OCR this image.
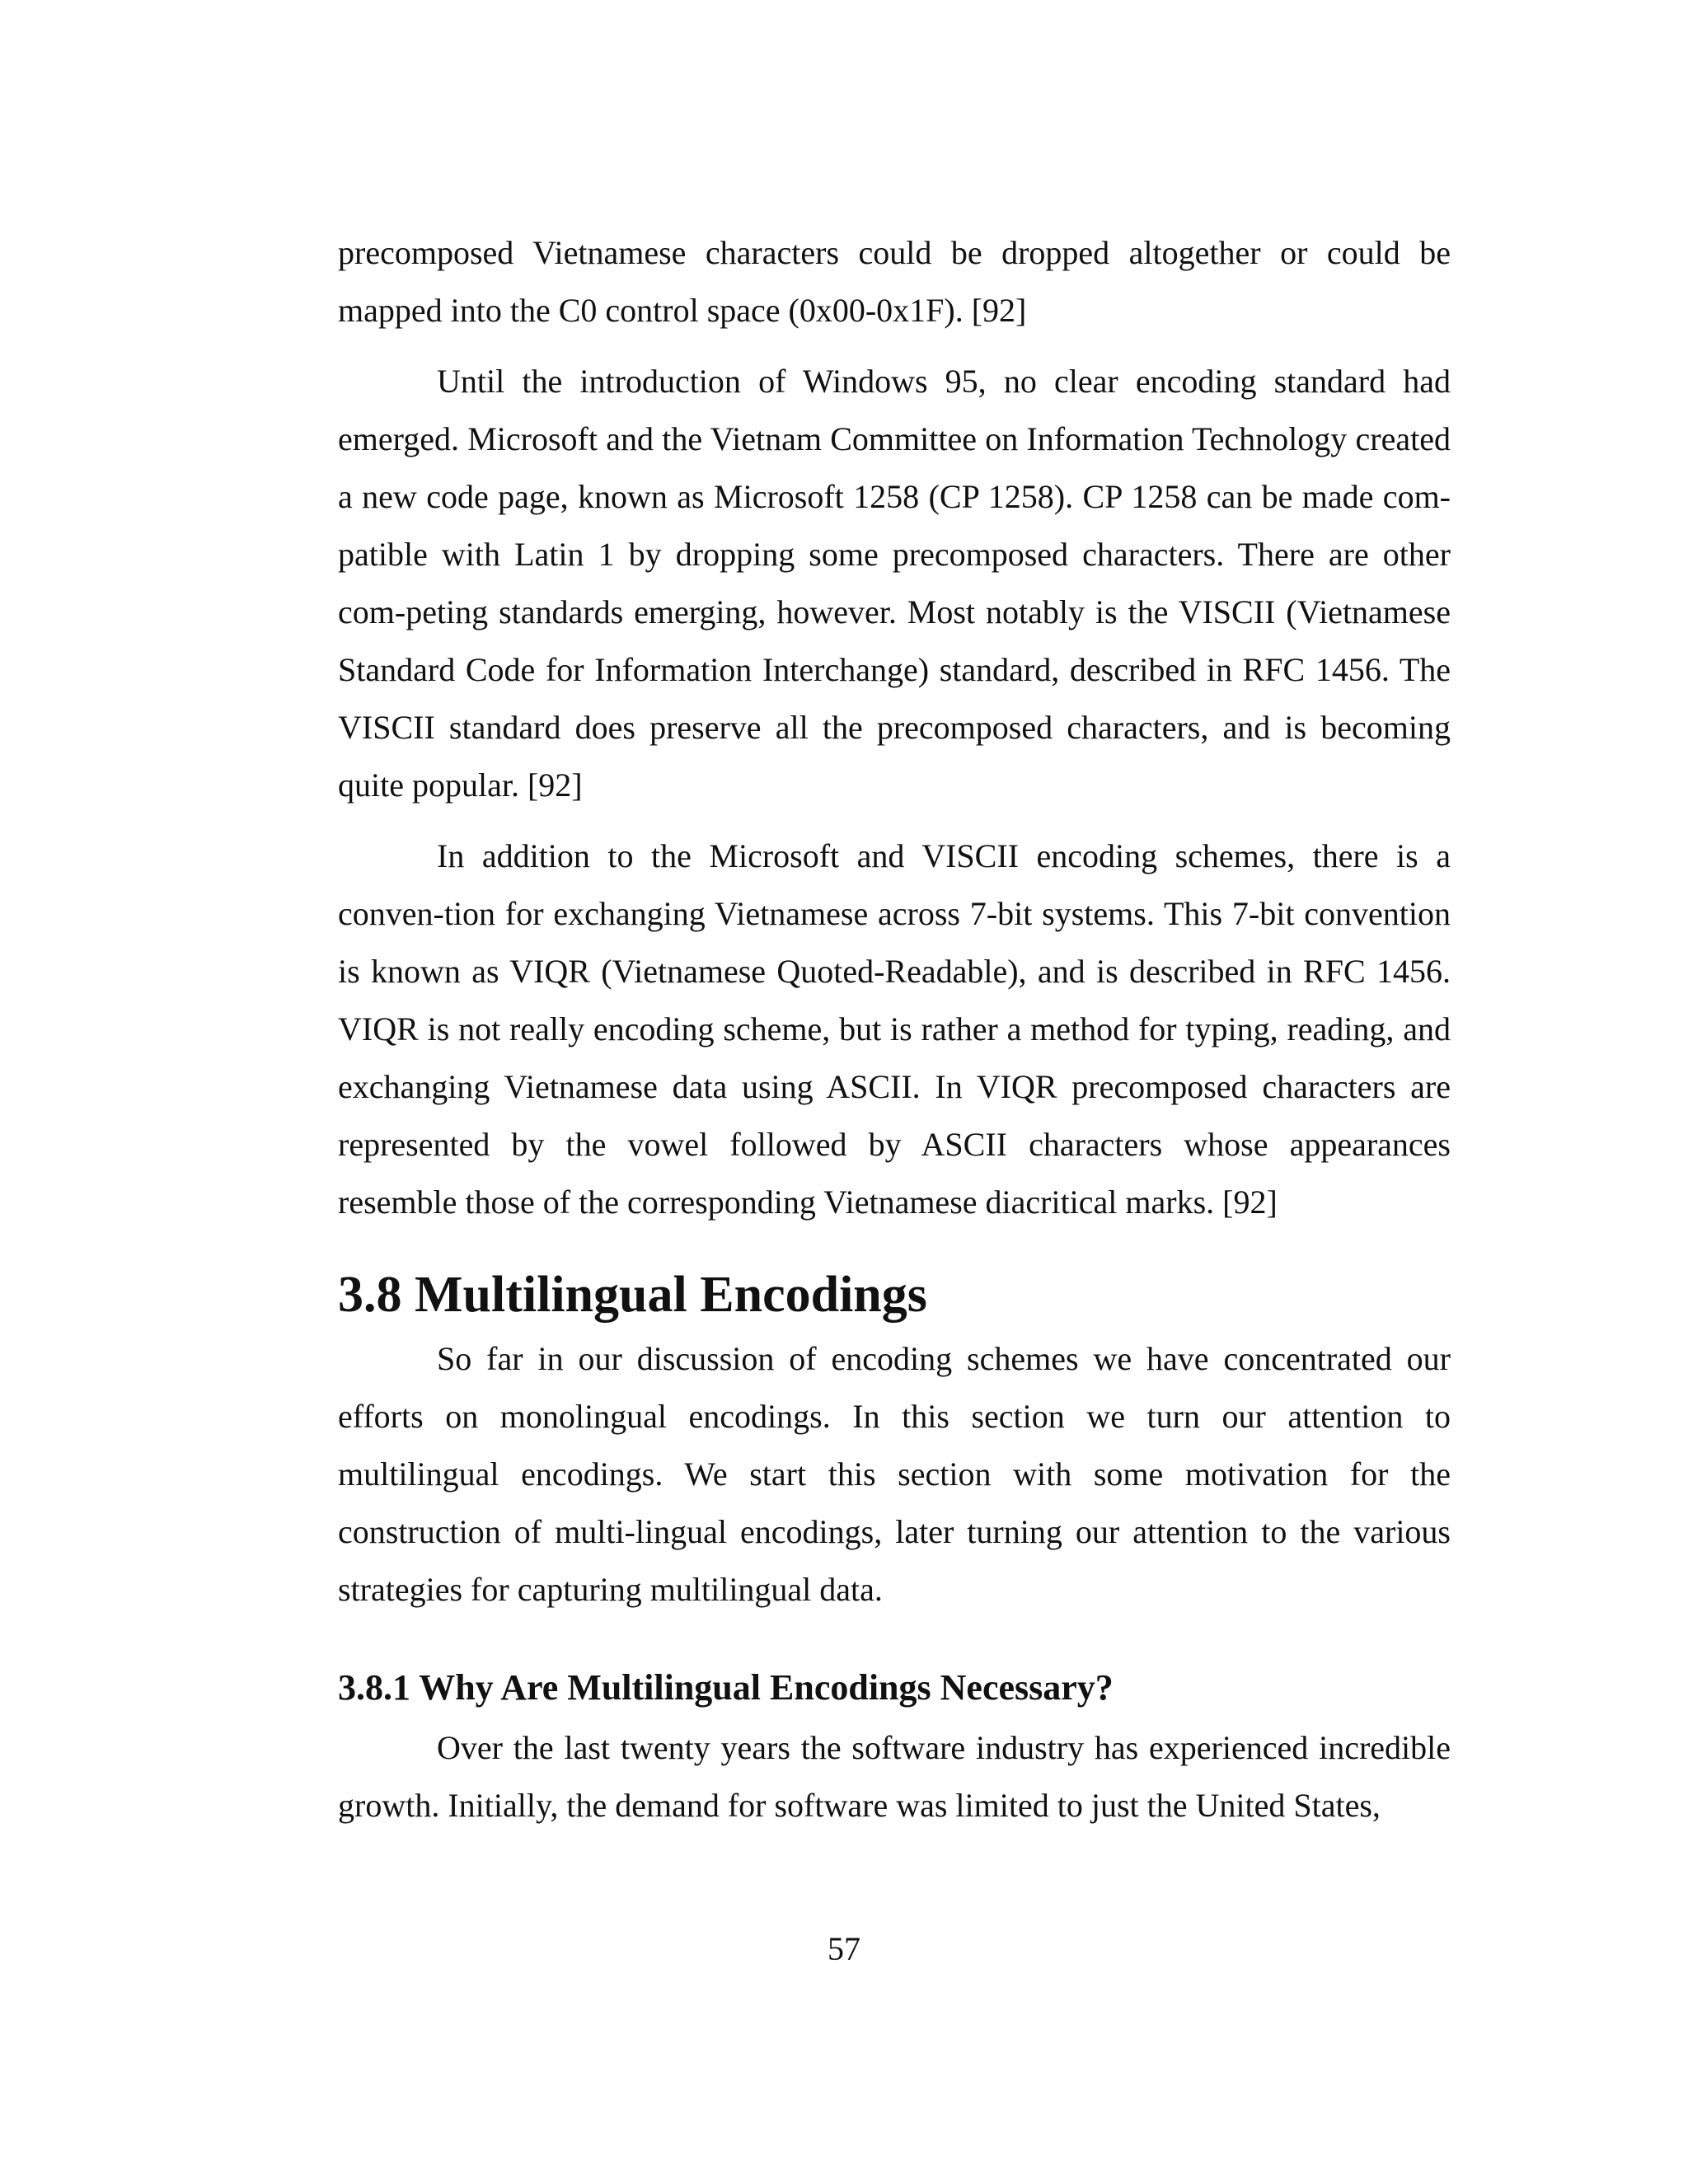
precomposed Vietnamese characters could be dropped altogether or could be mapped into the C0 control space (0x00-0x1F). [92]

Until the introduction of Windows 95, no clear encoding standard had emerged. Microsoft and the Vietnam Committee on Information Technology created a new code page, known as Microsoft 1258 (CP 1258). CP 1258 can be made com-patible with Latin 1 by dropping some precomposed characters. There are other com-peting standards emerging, however. Most notably is the VISCII (Vietnamese Standard Code for Information Interchange) standard, described in RFC 1456. The VISCII standard does preserve all the precomposed characters, and is becoming quite popular. [92]

In addition to the Microsoft and VISCII encoding schemes, there is a conven-tion for exchanging Vietnamese across 7-bit systems. This 7-bit convention is known as VIQR (Vietnamese Quoted-Readable), and is described in RFC 1456. VIQR is not really encoding scheme, but is rather a method for typing, reading, and exchanging Vietnamese data using ASCII. In VIQR precomposed characters are represented by the vowel followed by ASCII characters whose appearances resemble those of the corresponding Vietnamese diacritical marks. [92]

3.8 Multilingual Encodings

So far in our discussion of encoding schemes we have concentrated our efforts on monolingual encodings. In this section we turn our attention to multilingual encodings. We start this section with some motivation for the construction of multi-lingual encodings, later turning our attention to the various strategies for capturing multilingual data.

3.8.1 Why Are Multilingual Encodings Necessary?

Over the last twenty years the software industry has experienced incredible growth. Initially, the demand for software was limited to just the United States,

57
